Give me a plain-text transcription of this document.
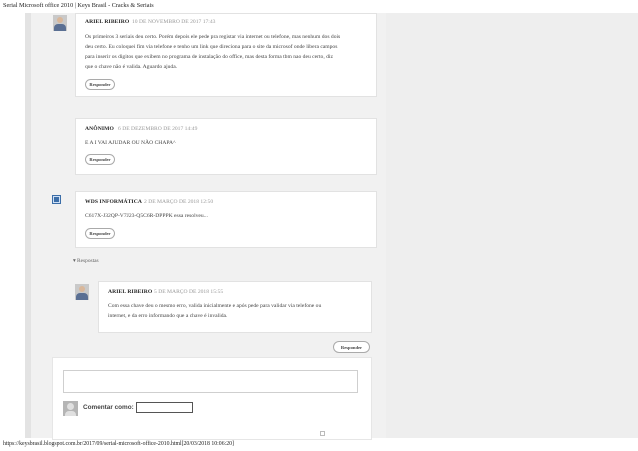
Serial Microsoft office 2010 | Keys Brasil - Cracks & Seriais
ARIEL RIBEIRO 10 DE NOVEMBRO DE 2017 17:43
Os primeiros 3 seriais deu certo. Porém depois ele pede pra registar via internet ou telefone, mas nenhum dos dois
deu certo. Eu coloquei fim via telefone e tenho um link que direciona para o site da microsof onde libera campos
para inserir os digitos que exibem no programa de instalação do office, mas desta forma tbm nao deu certo, diz
que o chave não é valida. Aguardo ajuda.
Responder
ANÔNIMO 6 DE DEZEMBRO DE 2017 14:49
E A I VAI AJUDAR OU NÃO CHAPA^
Responder
WDS INFORMÁTICA 2 DE MARÇO DE 2018 12:50
C617X-J32QP-V7J23-Q5C6R-DPPPK essa resolveu...
Responder
▾ Respostas
ARIEL RIBEIRO 5 DE MARÇO DE 2018 15:55
Com essa chave deu o mesmo erro, valida inicialmente e após pede para validar via telefone ou
internet, e da erro informando que a chave é invalida.
Responder
Comentar como:
https://keysbrasil.blogspot.com.br/2017/09/serial-microsoft-office-2010.html[20/03/2018 10:06:20]
